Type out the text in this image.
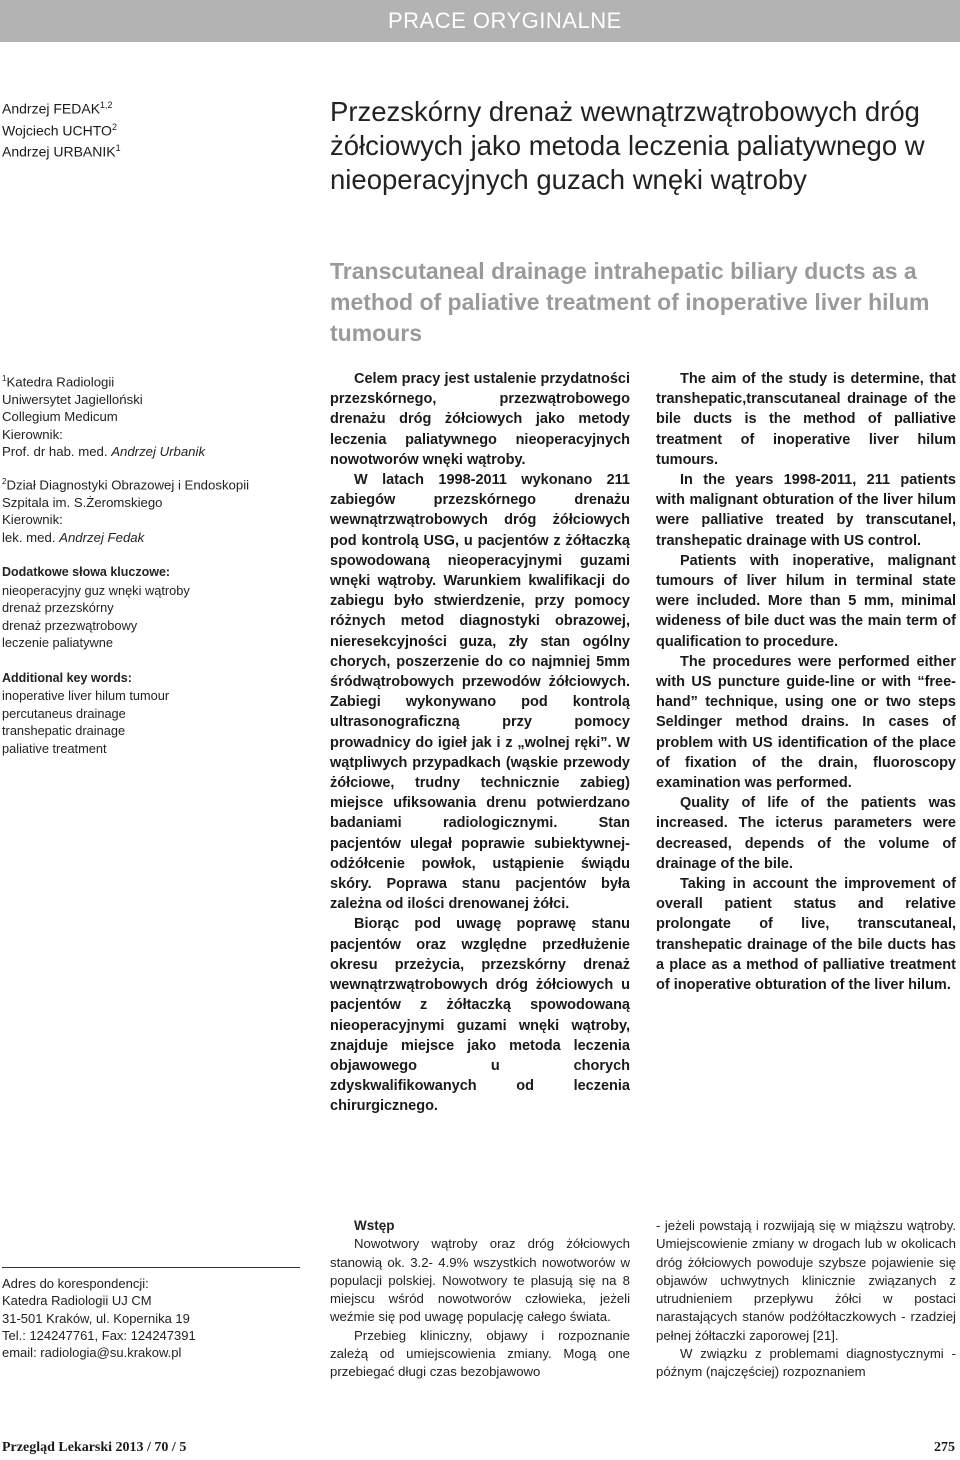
PRACE ORYGINALNE
Andrzej FEDAK$^{1,2}$
Wojciech UCHTO$^2$
Andrzej URBANIK$^1$
Przezskórny drenaż wewnątrzwątrobowych dróg żółciowych jako metoda leczenia paliatywnego w nieoperacyjnych guzach wnęki wątroby
Transcutaneal drainage intrahepatic biliary ducts as a method of paliative treatment of inoperative liver hilum tumours

$^1$Katedra Radiologii

Uniwersytet Jagielloński

Collegium Medicum

Kierownik:

Prof. dr hab. med. Andrzej Urbanik

$^2$Dział Diagnostyki Obrazowej i Endoskopii

Szpitala im. S.Żeromskiego

Kierownik:

lek. med. Andrzej Fedak

Dodatkowe słowa kluczowe:

nieoperacyjny guz wnęki wątroby

drenaż przezskórny

drenaż przezwątrobowy

leczenie paliatywne

Additional key words:

inoperative liver hilum tumour

percutaneus drainage

transhepatic drainage

paliative treatment

Celem pracy jest ustalenie przydatności przezskórnego, przezwątrobowego drenażu dróg żółciowych jako metody leczenia paliatywnego nieoperacyjnych nowotworów wnęki wątroby.

W latach 1998-2011 wykonano 211 zabiegów przezskórnego drenażu wewnątrzwątrobowych dróg żółciowych pod kontrolą USG, u pacjentów z żółtaczką spowodowaną nieoperacyjnymi guzami wnęki wątroby. Warunkiem kwalifikacji do zabiegu było stwierdzenie, przy pomocy różnych metod diagnostyki obrazowej, nieresekcyjności guza, zły stan ogólny chorych, poszerzenie do co najmniej 5mm śródwątrobowych przewodów żółciowych. Zabiegi wykonywano pod kontrolą ultrasonograficzną przy pomocy prowadnicy do igieł jak i z „wolnej ręki”. W wątpliwych przypadkach (wąskie przewody żółciowe, trudny technicznie zabieg) miejsce ufiksowania drenu potwierdzano badaniami radiologicznymi. Stan pacjentów ulegał poprawie subiektywnej- odżółcenie powłok, ustąpienie świądu skóry. Poprawa stanu pacjentów była zależna od ilości drenowanej żółci.

Biorąc pod uwagę poprawę stanu pacjentów oraz względne przedłużenie okresu przeżycia, przezskórny drenaż wewnątrzwątrobowych dróg żółciowych u pacjentów z żółtaczką spowodowaną nieoperacyjnymi guzami wnęki wątroby, znajduje miejsce jako metoda leczenia objawowego u chorych zdyskwalifikowanych od leczenia chirurgicznego.

The aim of the study is determine, that transhepatic,transcutaneal drainage of the bile ducts is the method of palliative treatment of inoperative liver hilum tumours.

In the years 1998-2011, 211 patients with malignant obturation of the liver hilum were palliative treated by transcutanel, transhepatic drainage with US control.

Patients with inoperative, malignant tumours of liver hilum in terminal state were included. More than 5 mm, minimal wideness of bile duct was the main term of qualification to procedure.

The procedures were performed either with US puncture guide-line or with “free-hand” technique, using one or two steps Seldinger method drains. In cases of problem with US identification of the place of fixation of the drain, fluoroscopy examination was performed.

Quality of life of the patients was increased. The icterus parameters were decreased, depends of the volume of drainage of the bile.

Taking in account the improvement of overall patient status and relative prolongate of live, transcutaneal, transhepatic drainage of the bile ducts has a place as a method of palliative treatment of inoperative obturation of the liver hilum.

Adres do korespondencji:
Katedra Radiologii UJ CM
31-501 Kraków, ul. Kopernika 19
Tel.: 124247761, Fax: 124247391
email: radiologia@su.krakow.pl

Wstęp

Nowotwory wątroby oraz dróg żółciowych stanowią ok. 3.2- 4.9% wszystkich nowotworów w populacji polskiej. Nowotwory te plasują się na 8 miejscu wśród nowotworów człowieka, jeżeli weźmie się pod uwagę populację całego świata.

Przebieg kliniczny, objawy i rozpoznanie zależą od umiejscowienia zmiany. Mogą one przebiegać długi czas bezobjawowo

- jeżeli powstają i rozwijają się w miąższu wątroby. Umiejscowienie zmiany w drogach lub w okolicach dróg żółciowych powoduje szybsze pojawienie się objawów uchwytnych klinicznie związanych z utrudnieniem przepływu żółci w postaci narastających stanów podżółtaczkowych - rzadziej pełnej żółtaczki zaporowej [21].

W związku z problemami diagnostycznymi - późnym (najczęściej) rozpoznaniem

Przegląd Lekarski 2013 / 70 / 5	275
